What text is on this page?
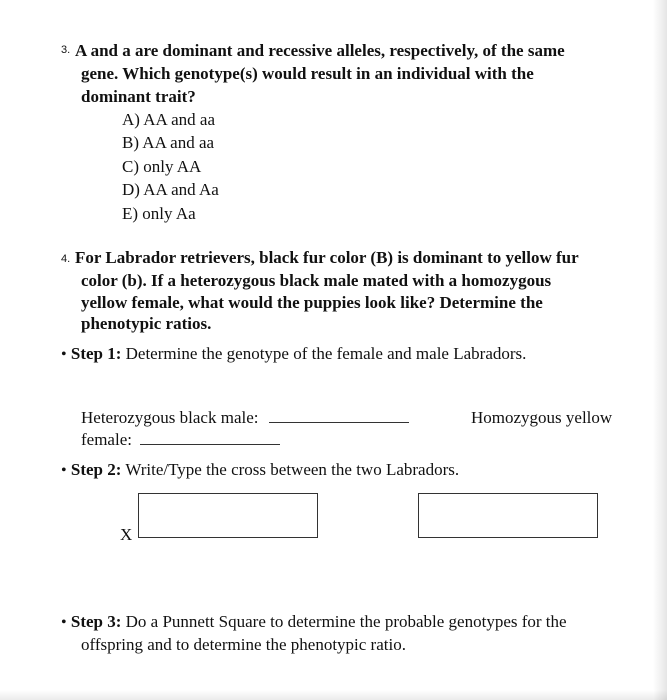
3. A and a are dominant and recessive alleles, respectively, of the same
gene. Which genotype(s) would result in an individual with the
dominant trait?
A) AA and aa
B) AA and aa
C) only AA
D) AA and Aa
E) only Aa
4. For Labrador retrievers, black fur color (B) is dominant to yellow fur
color (b). If a heterozygous black male mated with a homozygous
yellow female, what would the puppies look like? Determine the
phenotypic ratios.
• Step 1: Determine the genotype of the female and male Labradors.
Heterozygous black male:	Homozygous yellow
female:
• Step 2: Write/Type the cross between the two Labradors.
X
• Step 3: Do a Punnett Square to determine the probable genotypes for the
offspring and to determine the phenotypic ratio.
